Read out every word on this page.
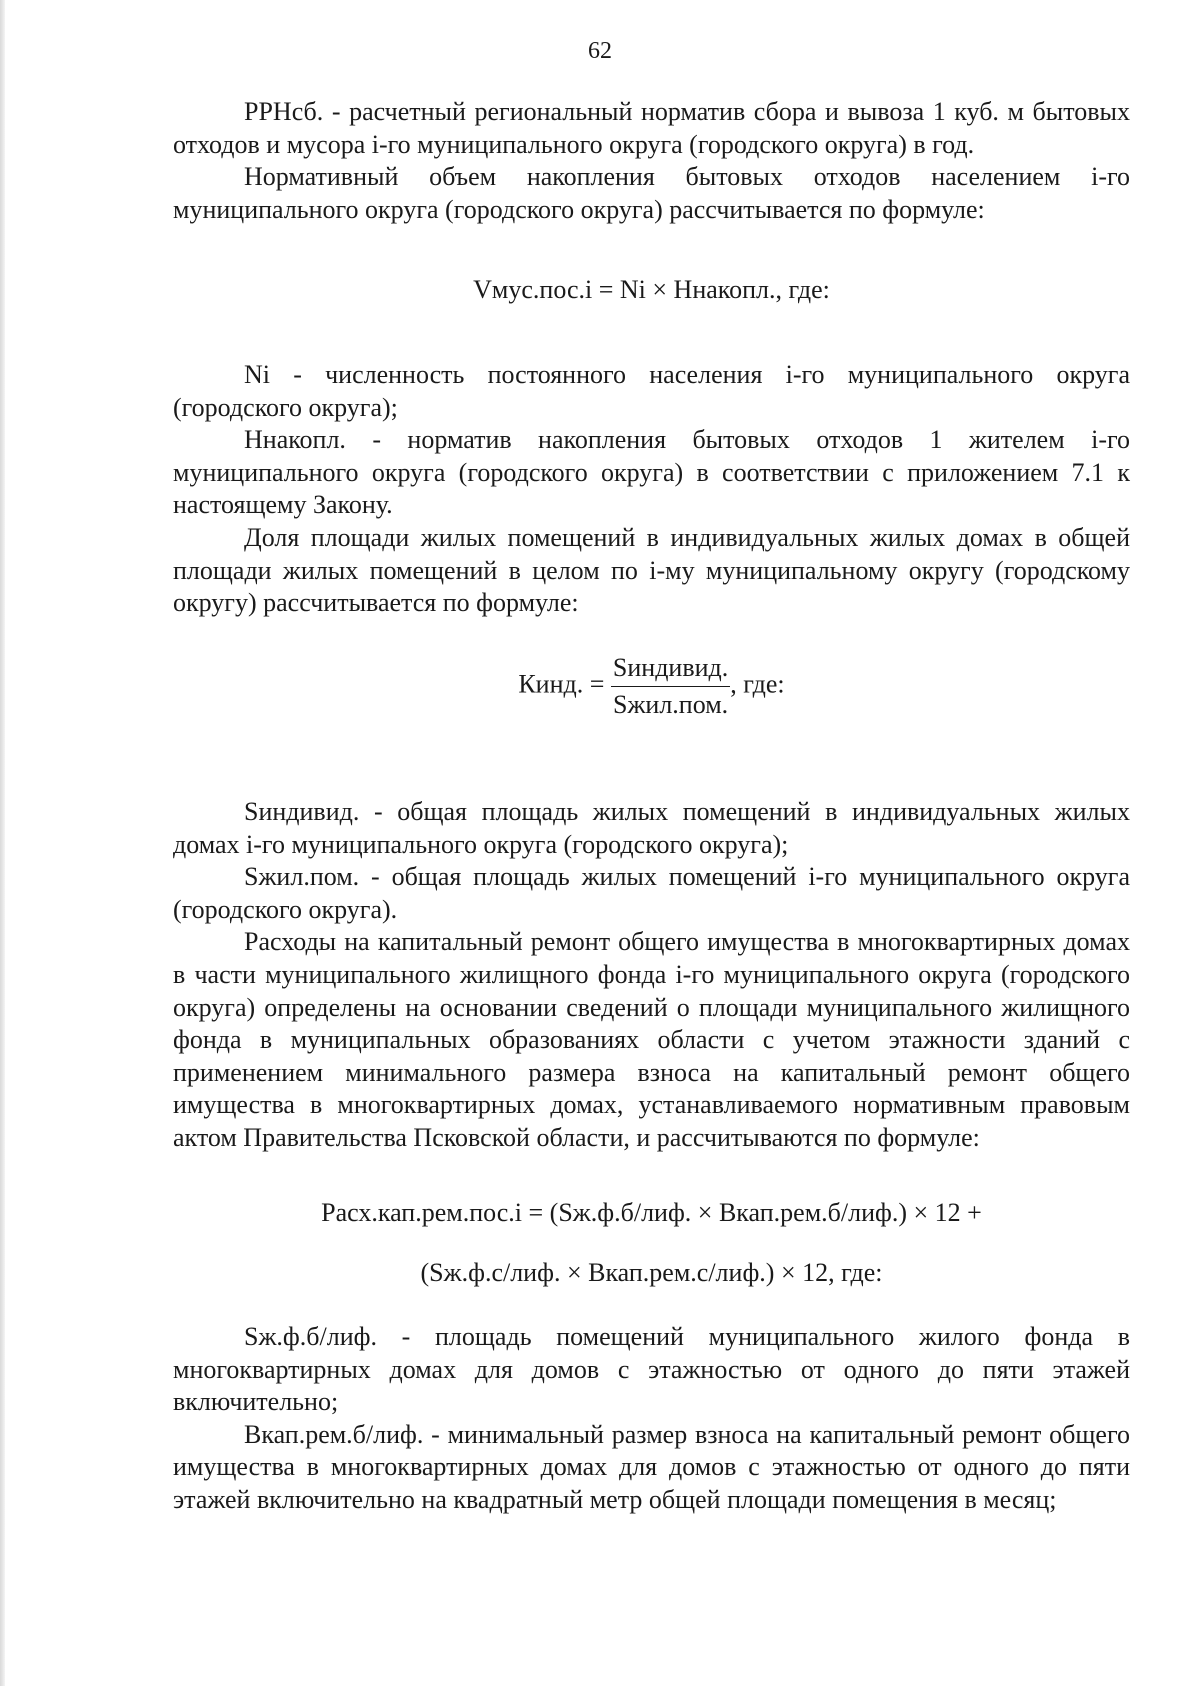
62

РРНсб. - расчетный региональный норматив сбора и вывоза 1 куб. м бытовых отходов и мусора i-го муниципального округа (городского округа) в год.

Нормативный объем накопления бытовых отходов населением i-го муниципального округа (городского округа) рассчитывается по формуле:

Vмус.пос.i = Ni × Ннакопл., где:

Ni - численность постоянного населения i-го муниципального округа (городского округа);

Ннакопл. - норматив накопления бытовых отходов 1 жителем i-го муниципального округа (городского округа) в соответствии с приложением 7.1 к настоящему Закону.

Доля площади жилых помещений в индивидуальных жилых домах в общей площади жилых помещений в целом по i-му муниципальному округу (городскому округу) рассчитывается по формуле:

Кинд. = $\frac{\text{Sиндивид.}}{\text{Sжил.пом.}}$ , где:

Sиндивид. - общая площадь жилых помещений в индивидуальных жилых домах i-го муниципального округа (городского округа);

Sжил.пом. - общая площадь жилых помещений i-го муниципального округа (городского округа).

Расходы на капитальный ремонт общего имущества в многоквартирных домах в части муниципального жилищного фонда i-го муниципального округа (городского округа) определены на основании сведений о площади муниципального жилищного фонда в муниципальных образованиях области с учетом этажности зданий с применением минимального размера взноса на капитальный ремонт общего имущества в многоквартирных домах, устанавливаемого нормативным правовым актом Правительства Псковской области, и рассчитываются по формуле:

Расх.кап.рем.пос.i = (Sж.ф.б/лиф. × Вкап.рем.б/лиф.) × 12 +
(Sж.ф.с/лиф. × Вкап.рем.с/лиф.) × 12, где:

Sж.ф.б/лиф. - площадь помещений муниципального жилого фонда в многоквартирных домах для домов с этажностью от одного до пяти этажей включительно;

Вкап.рем.б/лиф. - минимальный размер взноса на капитальный ремонт общего имущества в многоквартирных домах для домов с этажностью от одного до пяти этажей включительно на квадратный метр общей площади помещения в месяц;
